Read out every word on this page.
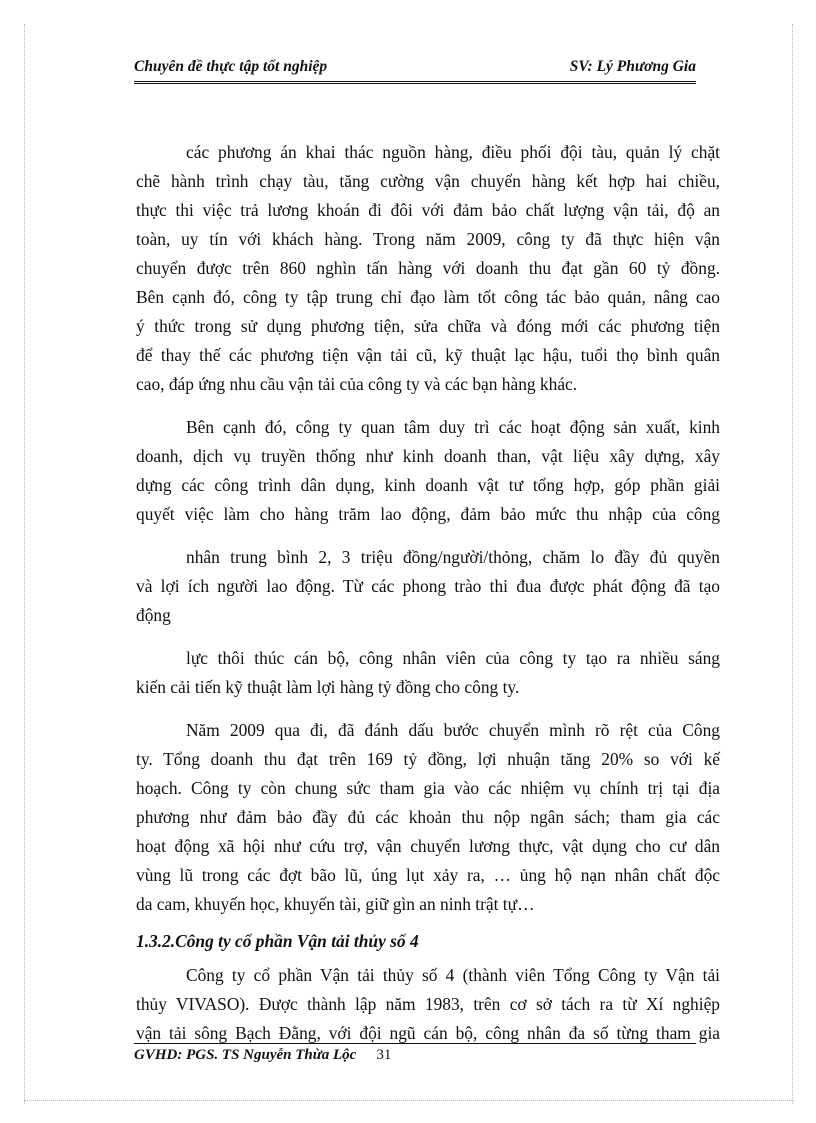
Chuyên đề thực tập tốt nghiệp	SV: Lý Phương Gia
các phương án khai thác nguồn hàng, điều phối đội tàu, quản lý chặt
chẽ hành trình chạy tàu, tăng cường vận chuyển hàng kết hợp hai chiều,
thực thi việc trả lương khoán đi đôi với đảm bảo chất lượng vận tải, độ an
toàn, uy tín với khách hàng. Trong năm 2009, công ty đã thực hiện vận
chuyển được trên 860 nghìn tấn hàng với doanh thu đạt gần 60 tỷ đồng.
Bên cạnh đó, công ty tập trung chỉ đạo làm tốt công tác bảo quản, nâng cao
ý thức trong sử dụng phương tiện, sửa chữa và đóng mới các phương tiện
để thay thế các phương tiện vận tải cũ, kỹ thuật lạc hậu, tuổi thọ bình quân
cao, đáp ứng nhu cầu vận tải của công ty và các bạn hàng khác.
Bên cạnh đó, công ty quan tâm duy trì các hoạt động sản xuất, kinh
doanh, dịch vụ truyền thống như kinh doanh than, vật liệu xây dựng, xây
dựng các công trình dân dụng, kinh doanh vật tư tổng hợp, góp phần giải
quyết việc làm cho hàng trăm lao động, đảm bảo mức thu nhập của công
nhân trung bình 2, 3 triệu đồng/người/thỏng, chăm lo đầy đủ quyền
và lợi ích người lao động. Từ các phong trào thi đua được phát động đã tạo
động
lực thôi thúc cán bộ, công nhân viên của công ty tạo ra nhiều sáng
kiến cải tiến kỹ thuật làm lợi hàng tỷ đồng cho công ty.
Năm 2009 qua đi, đã đánh dấu bước chuyển mình rõ rệt của Công
ty. Tổng doanh thu đạt trên 169 tỷ đồng, lợi nhuận tăng 20% so với kế
hoạch. Công ty còn chung sức tham gia vào các nhiệm vụ chính trị tại địa
phương như đảm bảo đầy đủ các khoản thu nộp ngân sách; tham gia các
hoạt động xã hội như cứu trợ, vận chuyển lương thực, vật dụng cho cư dân
vùng lũ trong các đợt bão lũ, úng lụt xảy ra, … ủng hộ nạn nhân chất độc
da cam, khuyến học, khuyến tài, giữ gìn an ninh trật tự…
1.3.2.Công ty cổ phần Vận tải thủy số 4
Công ty cổ phần Vận tải thủy số 4 (thành viên Tổng Công ty Vận tải
thủy VIVASO). Được thành lập năm 1983, trên cơ sở tách ra từ Xí nghiệp
vận tải sông Bạch Đằng, với đội ngũ cán bộ, công nhân đa số từng tham gia
GVHD: PGS. TS Nguyễn Thừa Lộc 31
